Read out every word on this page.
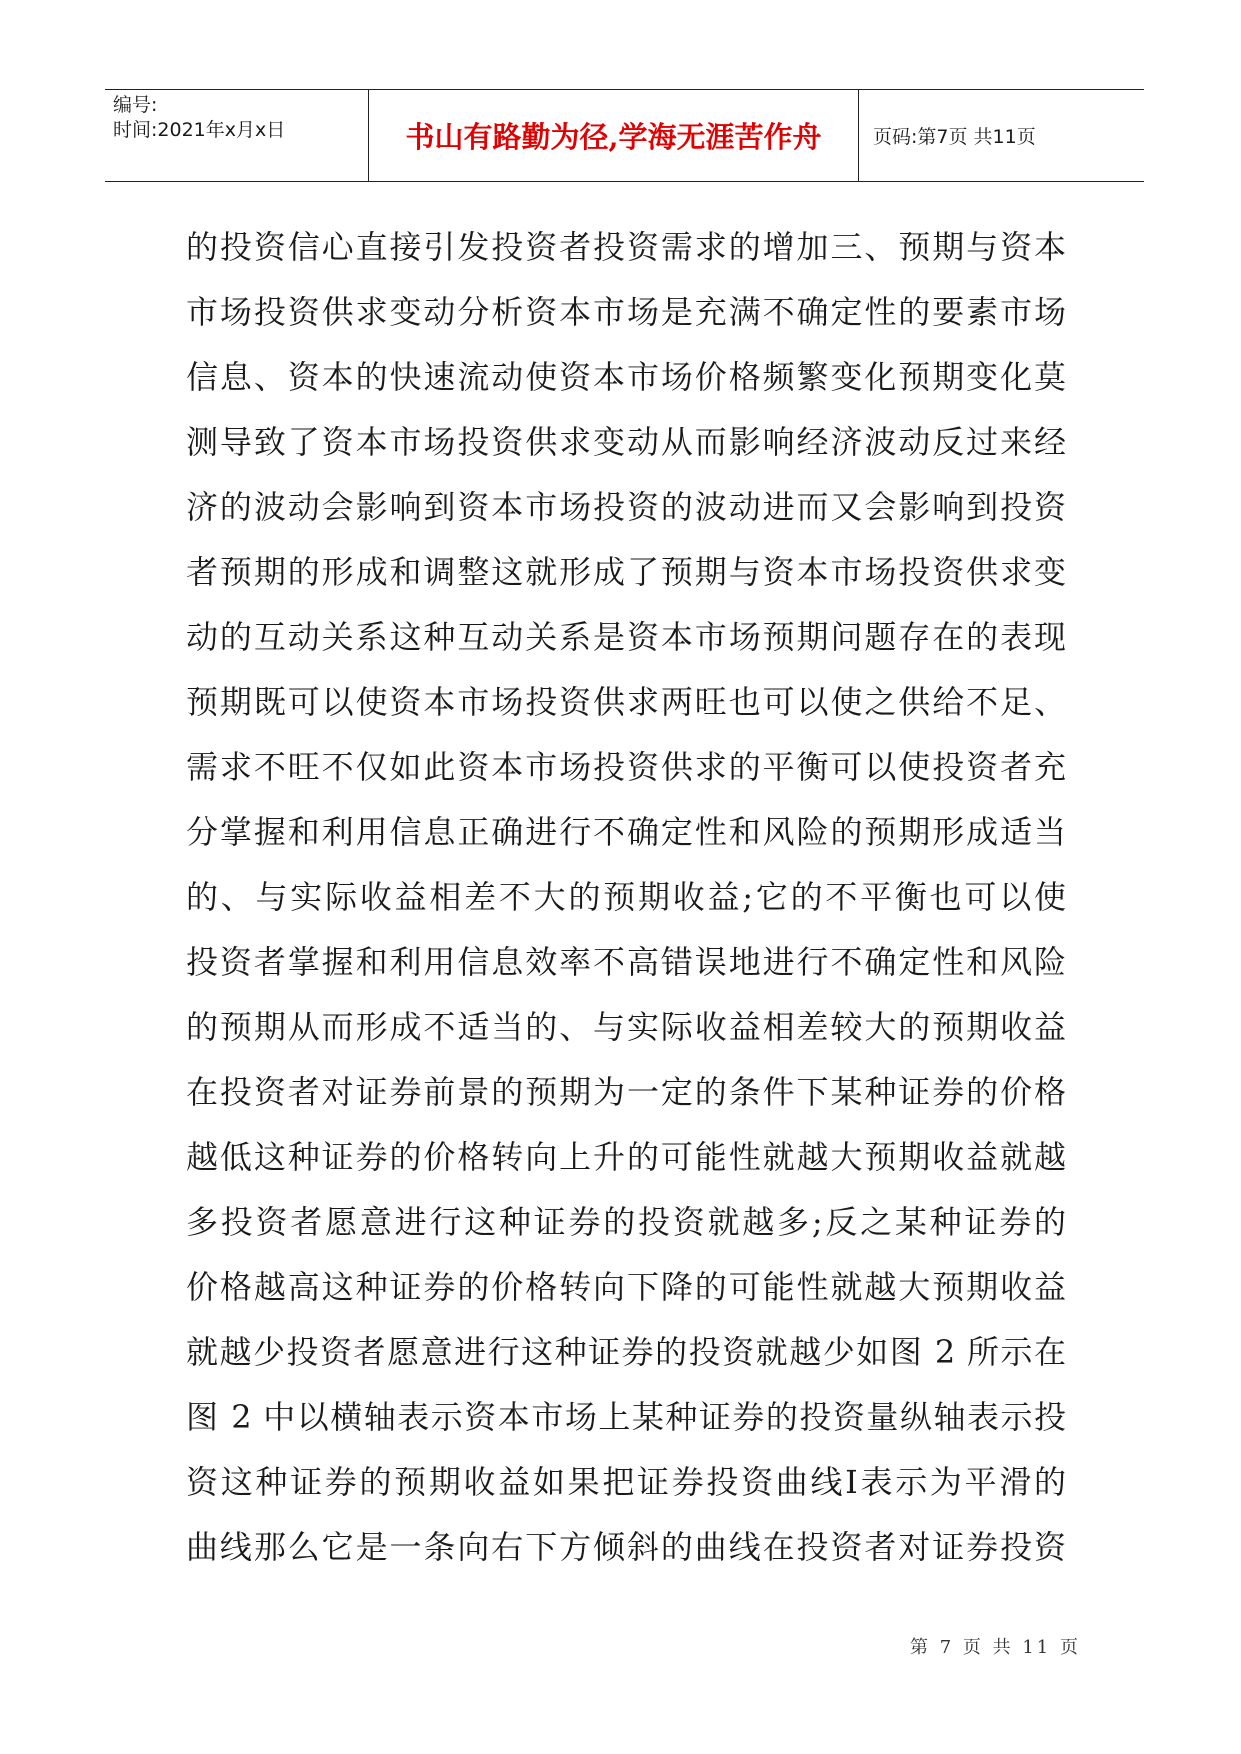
编号:
时间:2021年x月x日	书山有路勤为径,学海无涯苦作舟	页码:第7页 共11页
的投资信心直接引发投资者投资需求的增加三、预期与资本
市场投资供求变动分析资本市场是充满不确定性的要素市场
信息、资本的快速流动使资本市场价格频繁变化预期变化莫
测导致了资本市场投资供求变动从而影响经济波动反过来经
济的波动会影响到资本市场投资的波动进而又会影响到投资
者预期的形成和调整这就形成了预期与资本市场投资供求变
动的互动关系这种互动关系是资本市场预期问题存在的表现
预期既可以使资本市场投资供求两旺也可以使之供给不足、
需求不旺不仅如此资本市场投资供求的平衡可以使投资者充
分掌握和利用信息正确进行不确定性和风险的预期形成适当
的、与实际收益相差不大的预期收益;它的不平衡也可以使
投资者掌握和利用信息效率不高错误地进行不确定性和风险
的预期从而形成不适当的、与实际收益相差较大的预期收益
在投资者对证券前景的预期为一定的条件下某种证券的价格
越低这种证券的价格转向上升的可能性就越大预期收益就越
多投资者愿意进行这种证券的投资就越多;反之某种证券的
价格越高这种证券的价格转向下降的可能性就越大预期收益
就越少投资者愿意进行这种证券的投资就越少如图 2 所示在
图 2 中以横轴表示资本市场上某种证券的投资量纵轴表示投
资这种证券的预期收益如果把证券投资曲线Ⅰ表示为平滑的
曲线那么它是一条向右下方倾斜的曲线在投资者对证券投资
第 7 页 共 11 页
